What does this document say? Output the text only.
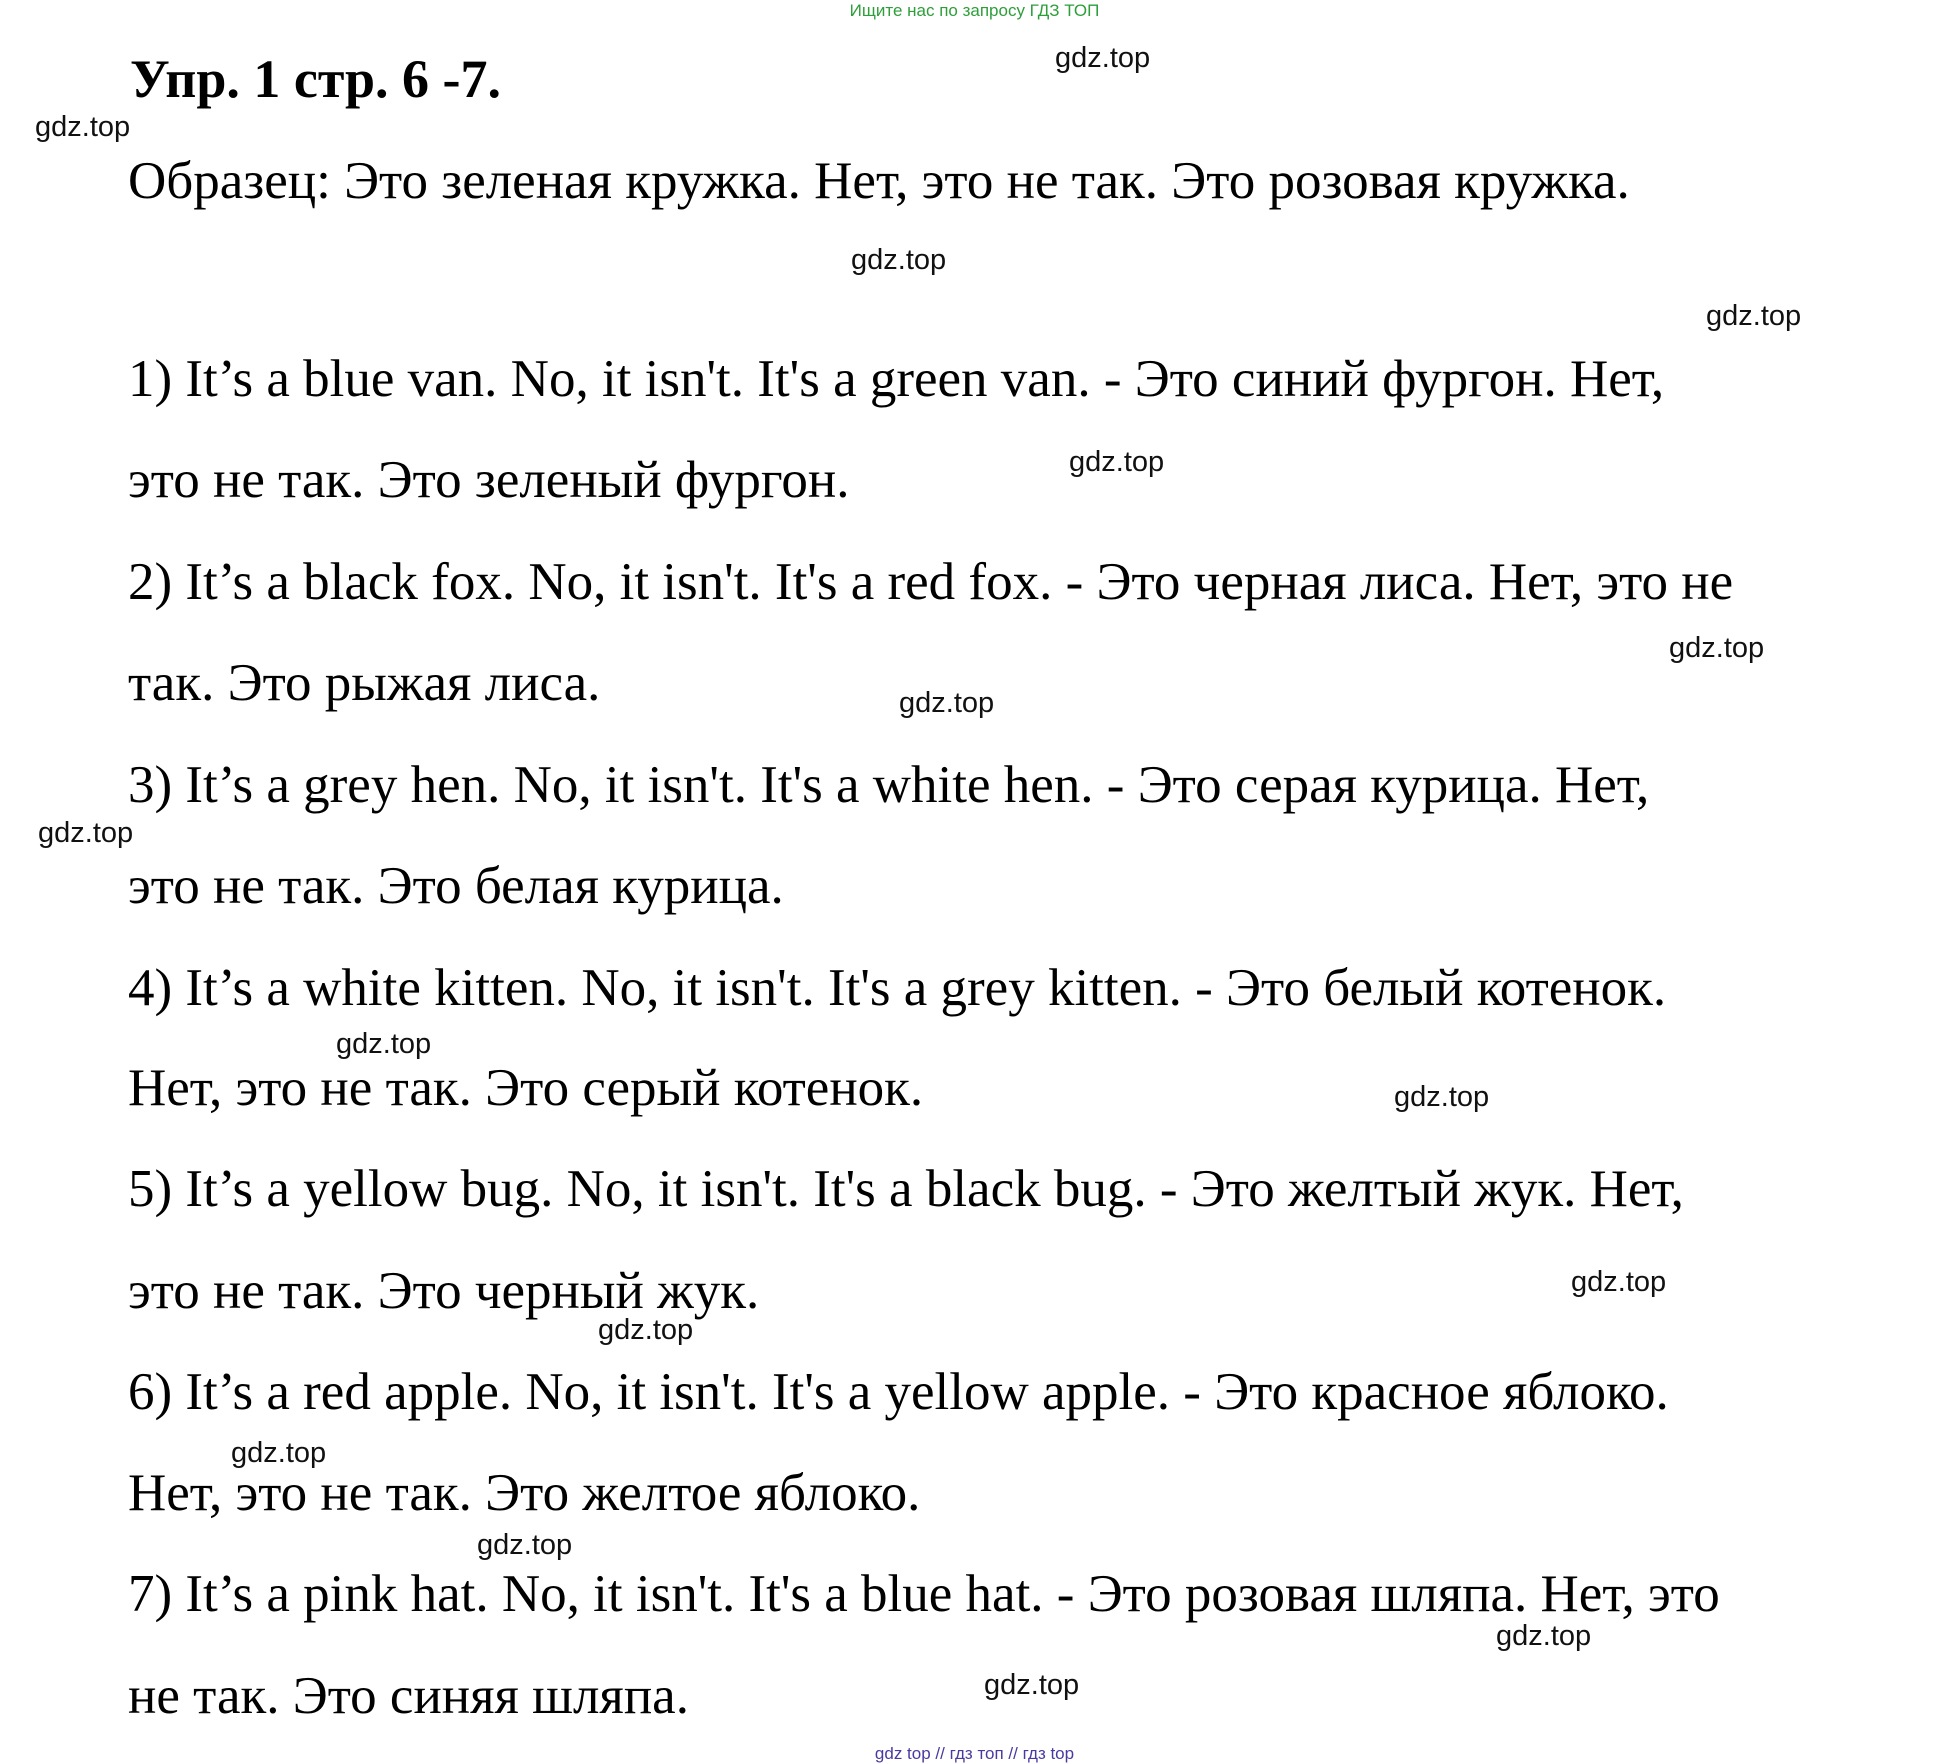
Ищите нас по запросу ГДЗ ТОП
Упр. 1 стр. 6 -7.
Образец: Это зеленая кружка. Нет, это не так. Это розовая кружка.
1) It’s a blue van. No, it isn't. It's a green van. - Это синий фургон. Нет,
это не так. Это зеленый фургон.
2) It’s a black fox. No, it isn't. It's a red fox. - Это черная лиса. Нет, это не
так. Это рыжая лиса.
3) It’s a grey hen. No, it isn't. It's a white hen. - Это серая курица. Нет,
это не так. Это белая курица.
4) It’s a white kitten. No, it isn't. It's a grey kitten. - Это белый котенок.
Нет, это не так. Это серый котенок.
5) It’s a yellow bug. No, it isn't. It's a black bug. - Это желтый жук. Нет,
это не так. Это черный жук.
6) It’s a red apple. No, it isn't. It's a yellow apple. - Это красное яблоко.
Нет, это не так. Это желтое яблоко.
7) It’s a pink hat. No, it isn't. It's a blue hat. - Это розовая шляпа. Нет, это
не так. Это синяя шляпа.
gdz.top
gdz.top
gdz.top
gdz.top
gdz.top
gdz.top
gdz.top
gdz.top
gdz.top
gdz.top
gdz.top
gdz.top
gdz.top
gdz.top
gdz.top
gdz.top
gdz top // гдз топ // гдз top
